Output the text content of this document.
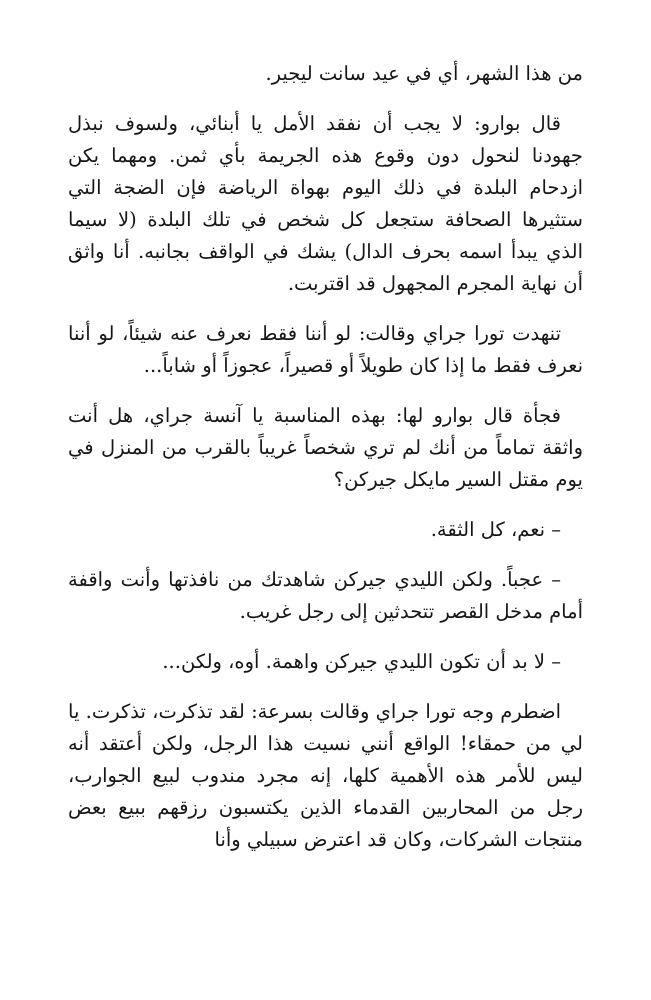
من هذا الشهر، أي في عيد سانت ليجير.

قال بوارو: لا يجب أن نفقد الأمل يا أبنائي، ولسوف نبذل جهودنا لنحول دون وقوع هذه الجريمة بأي ثمن. ومهما يكن ازدحام البلدة في ذلك اليوم بهواة الرياضة فإن الضجة التي ستثيرها الصحافة ستجعل كل شخص في تلك البلدة (لا سيما الذي يبدأ اسمه بحرف الدال) يشك في الواقف بجانبه. أنا واثق أن نهاية المجرم المجهول قد اقتربت.

تنهدت تورا جراي وقالت: لو أننا فقط نعرف عنه شيئاً، لو أننا نعرف فقط ما إذا كان طويلاً أو قصيراً، عجوزاً أو شاباً...

فجأة قال بوارو لها: بهذه المناسبة يا آنسة جراي، هل أنت واثقة تماماً من أنك لم تري شخصاً غريباً بالقرب من المنزل في يوم مقتل السير مايكل جيركن؟

– نعم، كل الثقة.

– عجباً. ولكن الليدي جيركن شاهدتك من نافذتها وأنت واقفة أمام مدخل القصر تتحدثين إلى رجل غريب.

– لا بد أن تكون الليدي جيركن واهمة. أوه، ولكن...

اضطرم وجه تورا جراي وقالت بسرعة: لقد تذكرت، تذكرت. يا لي من حمقاء! الواقع أنني نسيت هذا الرجل، ولكن أعتقد أنه ليس للأمر هذه الأهمية كلها، إنه مجرد مندوب لبيع الجوارب، رجل من المحاربين القدماء الذين يكتسبون رزقهم ببيع بعض منتجات الشركات، وكان قد اعترض سبيلي وأنا
